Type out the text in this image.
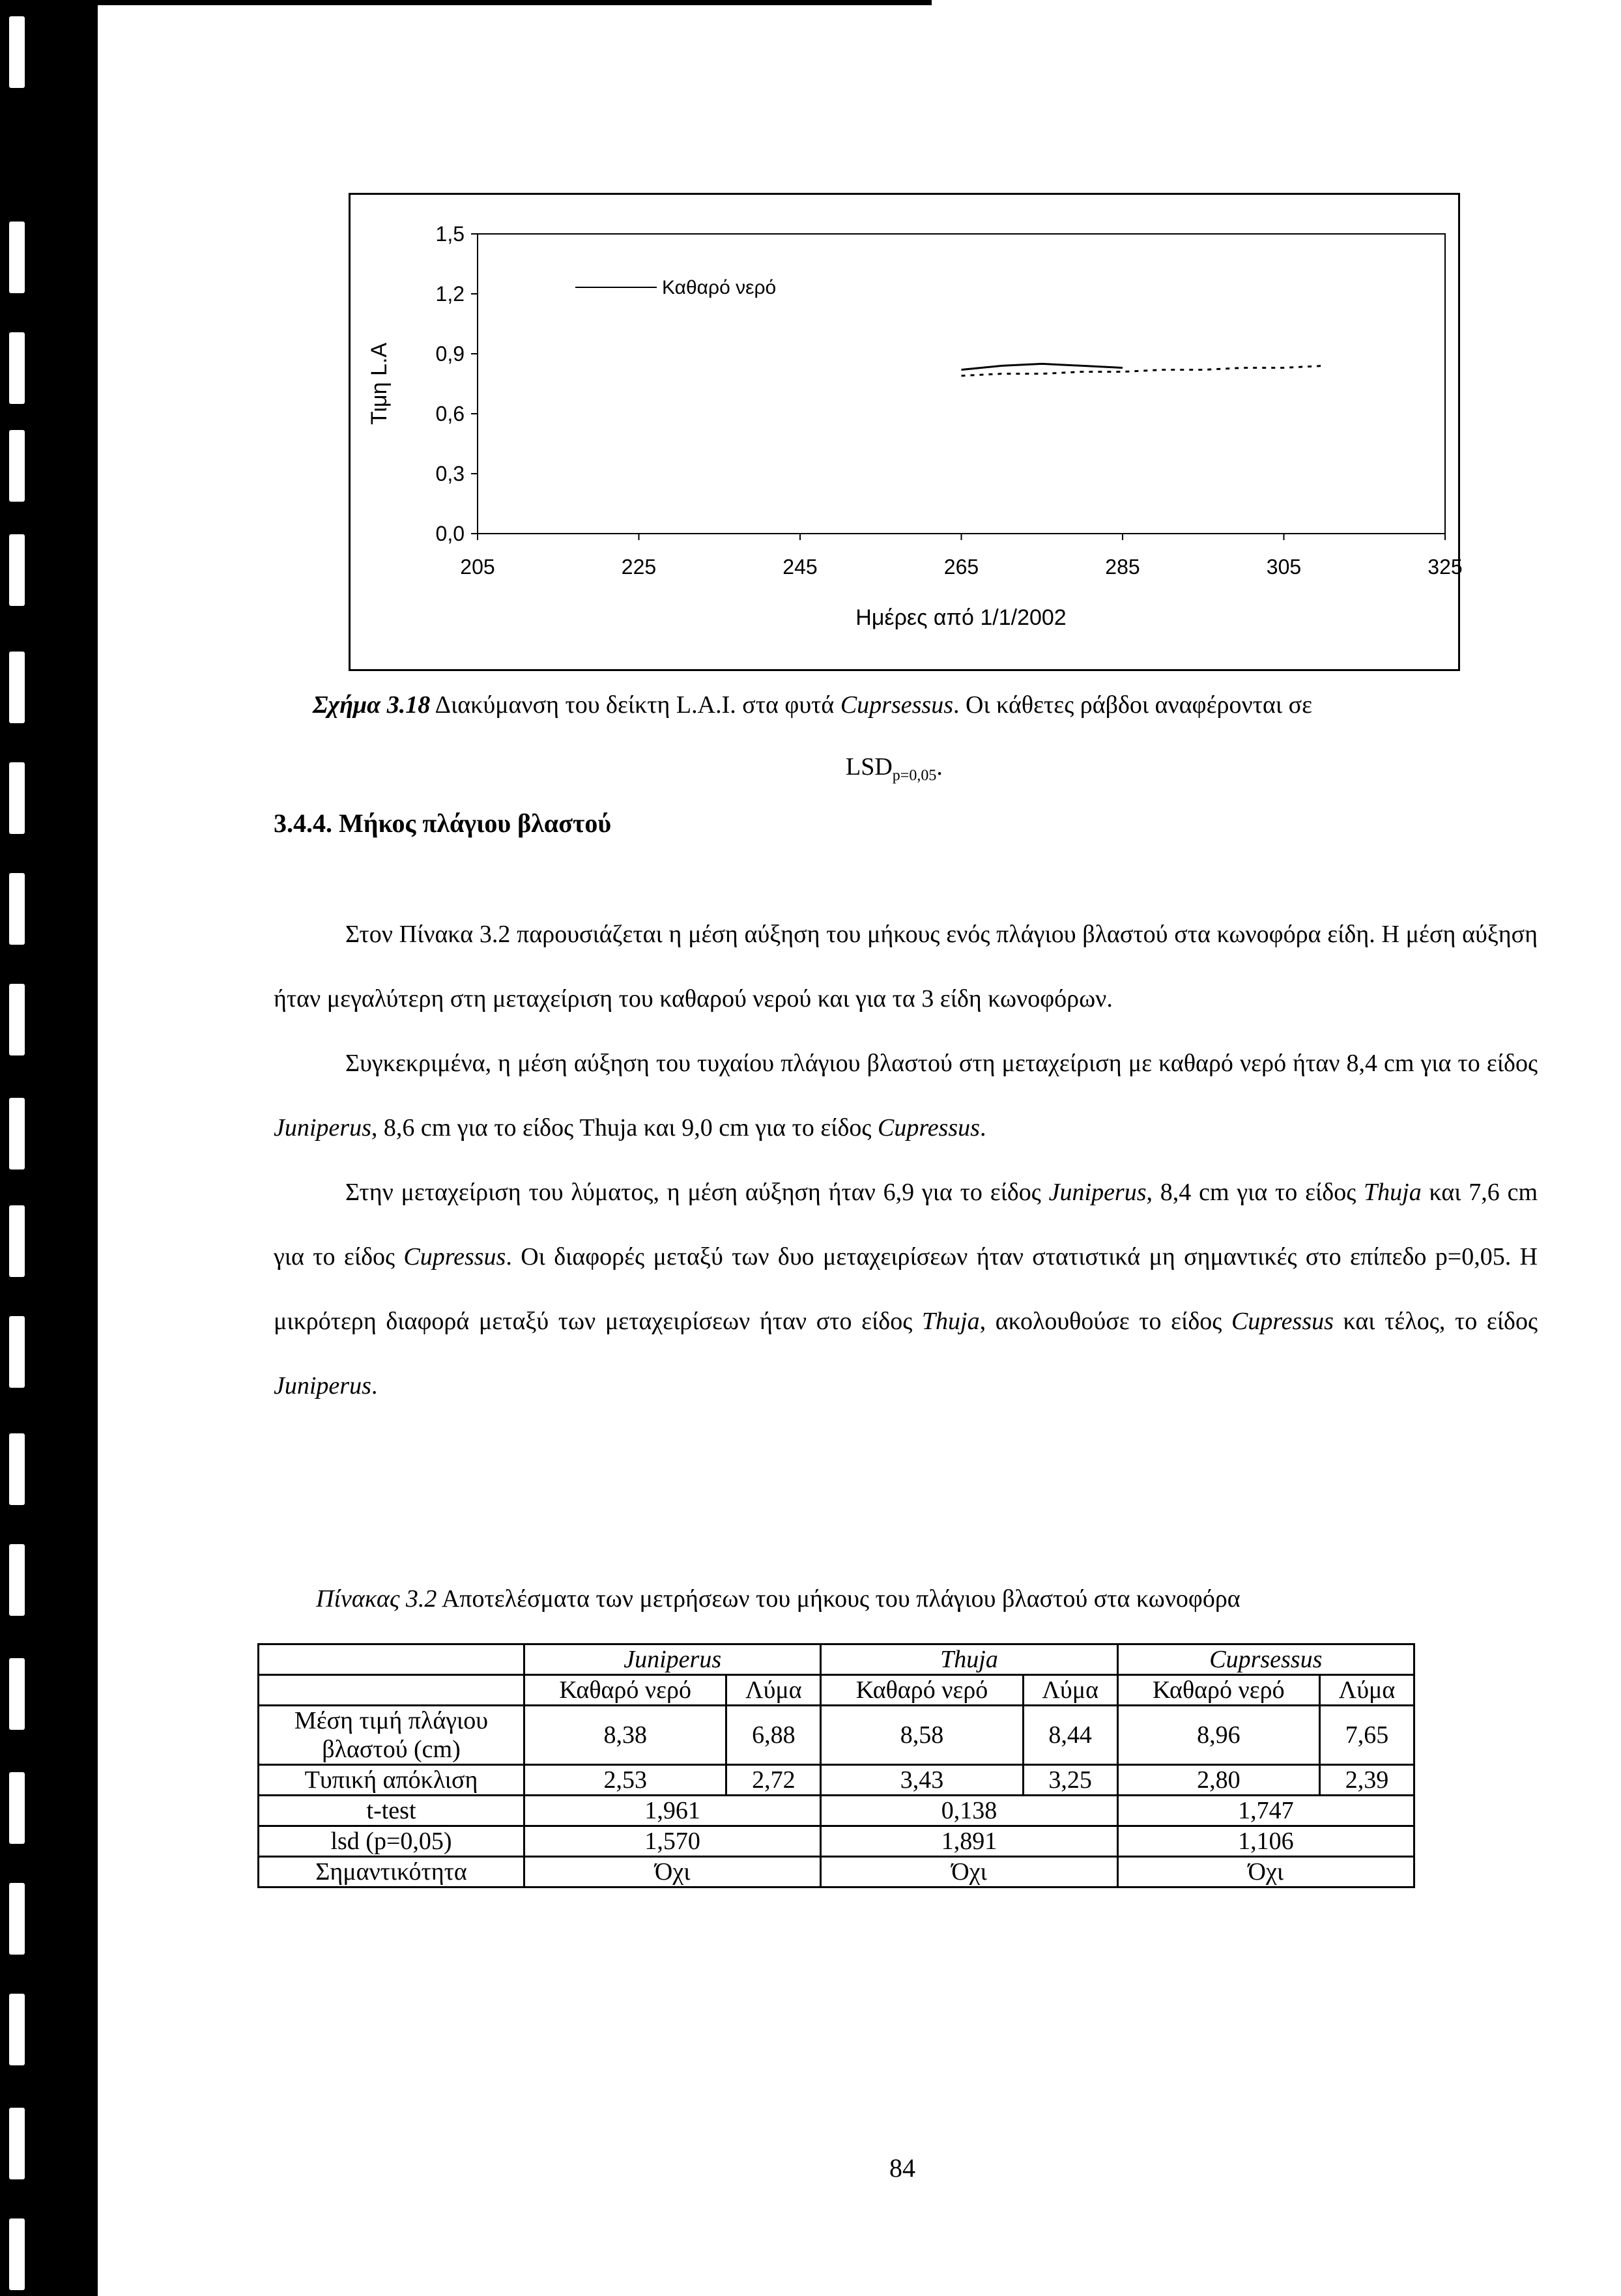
0,0
0,3
0,6
0,9
1,2
1,5
205	225	245	265	285	305	325
Τιμη L.A
Ημέρες από 1/1/2002
Καθαρό νερό
Σχήμα 3.18 Διακύμανση του δείκτη L.A.I. στα φυτά Cuprsessus. Οι κάθετες ράβδοι αναφέρονται σε
$LSD_{p=0,05}$.
3.4.4. Μήκος πλάγιου βλαστού

Στον Πίνακα 3.2 παρουσιάζεται η μέση αύξηση του μήκους ενός πλάγιου βλαστού στα κωνοφόρα είδη. Η μέση αύξηση ήταν μεγαλύτερη στη μεταχείριση του καθαρού νερού και για τα 3 είδη κωνοφόρων.

Συγκεκριμένα, η μέση αύξηση του τυχαίου πλάγιου βλαστού στη μεταχείριση με καθαρό νερό ήταν 8,4 cm για το είδος Juniperus, 8,6 cm για το είδος Thuja και 9,0 cm για το είδος Cupressus.

Στην μεταχείριση του λύματος, η μέση αύξηση ήταν 6,9 για το είδος Juniperus, 8,4 cm για το είδος Thuja και 7,6 cm για το είδος Cupressus. Οι διαφορές μεταξύ των δυο μεταχειρίσεων ήταν στατιστικά μη σημαντικές στο επίπεδο p=0,05. Η μικρότερη διαφορά μεταξύ των μεταχειρίσεων ήταν στο είδος Thuja, ακολουθούσε το είδος Cupressus και τέλος, το είδος Juniperus.

Πίνακας 3.2 Αποτελέσματα των μετρήσεων του μήκους του πλάγιου βλαστού στα κωνοφόρα
	Juniperus		Thuja		Cuprsessus	
	Καθαρό νερό	Λύμα	Καθαρό νερό	Λύμα	Καθαρό νερό	Λύμα
Μέση τιμή πλάγιου βλαστού (cm)	8,38	6,88	8,58	8,44	8,96	7,65
Τυπική απόκλιση	2,53	2,72	3,43	3,25	2,80	2,39
t-test	1,961		0,138		1,747	
lsd (p=0,05)	1,570		1,891		1,106	
Σημαντικότητα	Όχι		Όχι		Όχι	
84
